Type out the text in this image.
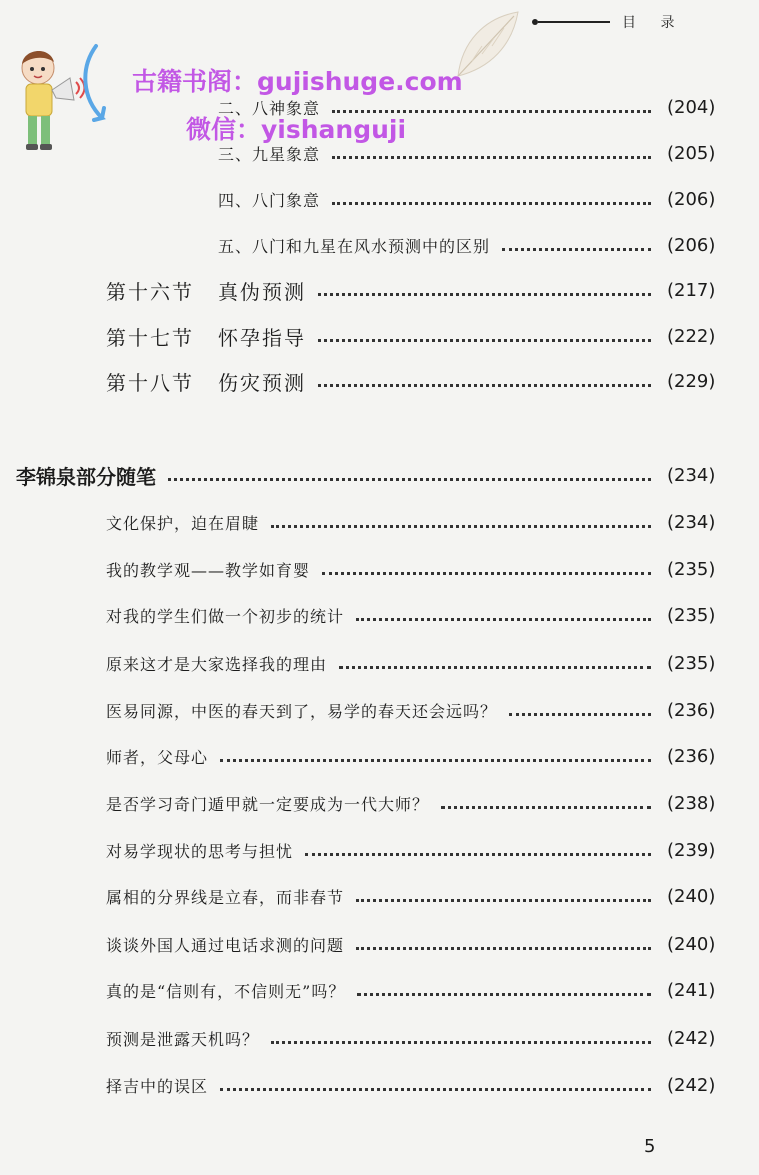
目 录
古籍书阁：gujishuge.com
微信：yishanguji
二、八神象意	(204)
三、九星象意	(205)
四、八门象意	(206)
五、八门和九星在风水预测中的区别	(206)
第十六节 真伪预测	(217)
第十七节 怀孕指导	(222)
第十八节 伤灾预测	(229)
李锦泉部分随笔	(234)
文化保护，迫在眉睫	(234)
我的教学观——教学如育婴	(235)
对我的学生们做一个初步的统计	(235)
原来这才是大家选择我的理由	(235)
医易同源，中医的春天到了，易学的春天还会远吗？	(236)
师者，父母心	(236)
是否学习奇门遁甲就一定要成为一代大师？	(238)
对易学现状的思考与担忧	(239)
属相的分界线是立春，而非春节	(240)
谈谈外国人通过电话求测的问题	(240)
真的是“信则有，不信则无”吗？	(241)
预测是泄露天机吗？	(242)
择吉中的误区	(242)
5
